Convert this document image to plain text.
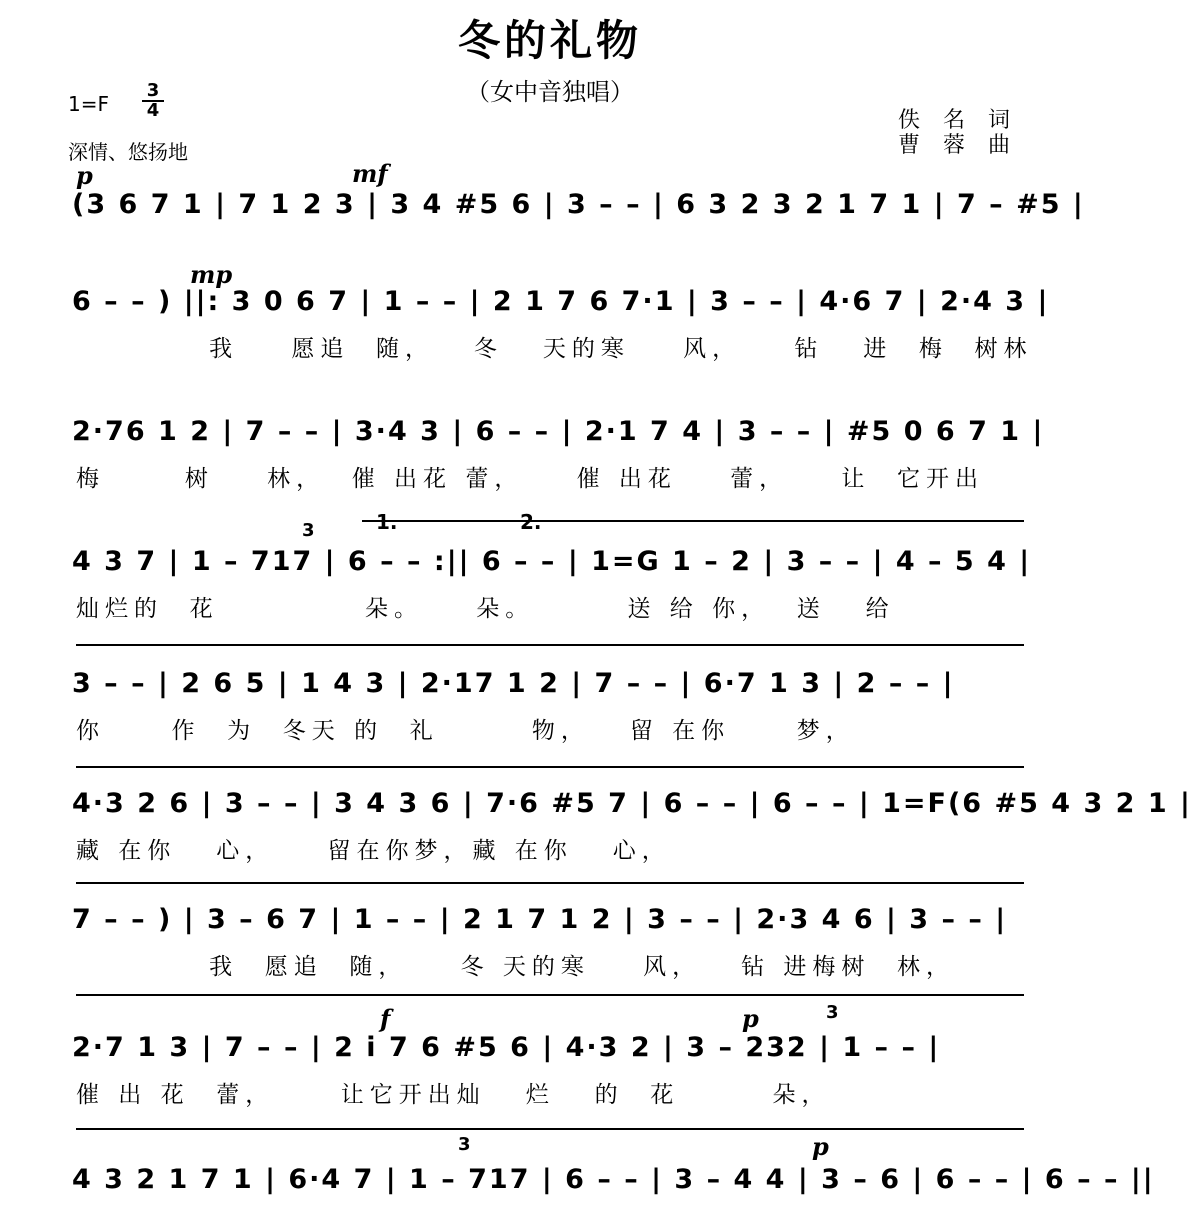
冬的礼物
（女中音独唱）
$1=F \frac{3}{4}$
深情、悠扬地
佚 名 词
曹 蓉 曲
p	mf
(3 6 7 1 | 7 1 2 3 | 3 4 #5 6 | 3 – – | 6 3 2 3 2 1 7 1 | 7 – #5 |
mp
6 – – ) ||: 3 0 6 7 | 1 – – | 2 1 7 6 7·1 | 3 – – | 4·6 7 | 2·4 3 |
我    愿追  随，   冬   天的寒    风，    钻   进  梅  树林
2·76 1 2 | 7 – – | 3·4 3 | 6 – – | 2·1 7 4 | 3 – – | #5 0 6 7 1 |
梅      树    林，  催 出花 蕾，    催 出花    蕾，    让  它开出
1.	2.
3
4 3 7 | 1 – 717 | 6 – – :|| 6 – – | 1=G 1 – 2 | 3 – – | 4 – 5 4 |
灿烂的  花           朵。    朵。       送 给 你，  送   给
3 – – | 2 6 5 | 1 4 3 | 2·17 1 2 | 7 – – | 6·7 1 3 | 2 – – |
你     作  为  冬天 的  礼       物，   留 在你     梦，
4·3 2 6 | 3 – – | 3 4 3 6 | 7·6 #5 7 | 6 – – | 6 – – | 1=F(6 #5 4 3 2 1 |
藏 在你   心，    留在你梦，藏 在你   心，
7 – – ) | 3 – 6 7 | 1 – – | 2 1 7 1 2 | 3 – – | 2·3 4 6 | 3 – – |
我  愿追  随，    冬 天的寒    风，   钻 进梅树  林，
f	p	3
2·7 1 3 | 7 – – | 2 i 7 6 #5 6 | 4·3 2 | 3 – 232 | 1 – – |
催 出 花  蕾，     让它开出灿   烂   的  花       朵，
p
3
4 3 2 1 7 1 | 6·4 7 | 1 – 717 | 6 – – | 3 – 4 4 | 3 – 6 | 6 – – | 6 – – ||
